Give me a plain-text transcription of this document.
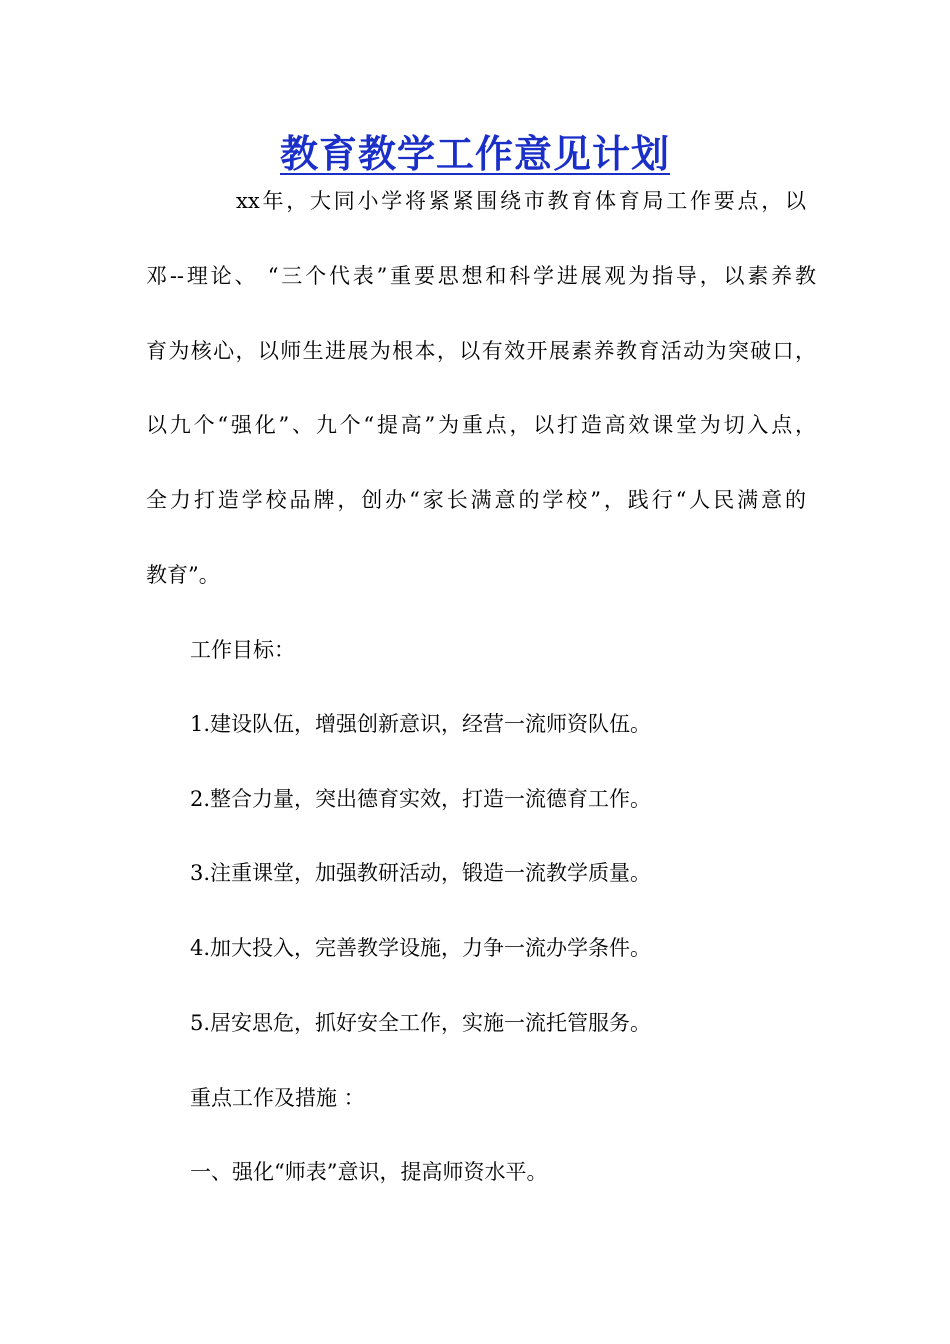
教育教学工作意见计划
xx年，大同小学将紧紧围绕市教育体育局工作要点，以
邓--理论、 “三个代表”重要思想和科学进展观为指导，以素养教
育为核心，以师生进展为根本，以有效开展素养教育活动为突破口，
以九个“强化”、九个“提高”为重点，以打造高效课堂为切入点，
全力打造学校品牌，创办“家长满意的学校”，践行“人民满意的
教育”。
工作目标：
1.建设队伍，增强创新意识，经营一流师资队伍。
2.整合力量，突出德育实效，打造一流德育工作。
3.注重课堂，加强教研活动，锻造一流教学质量。
4.加大投入，完善教学设施，力争一流办学条件。
5.居安思危，抓好安全工作，实施一流托管服务。
重点工作及措施 ：
一、强化“师表”意识，提高师资水平。
